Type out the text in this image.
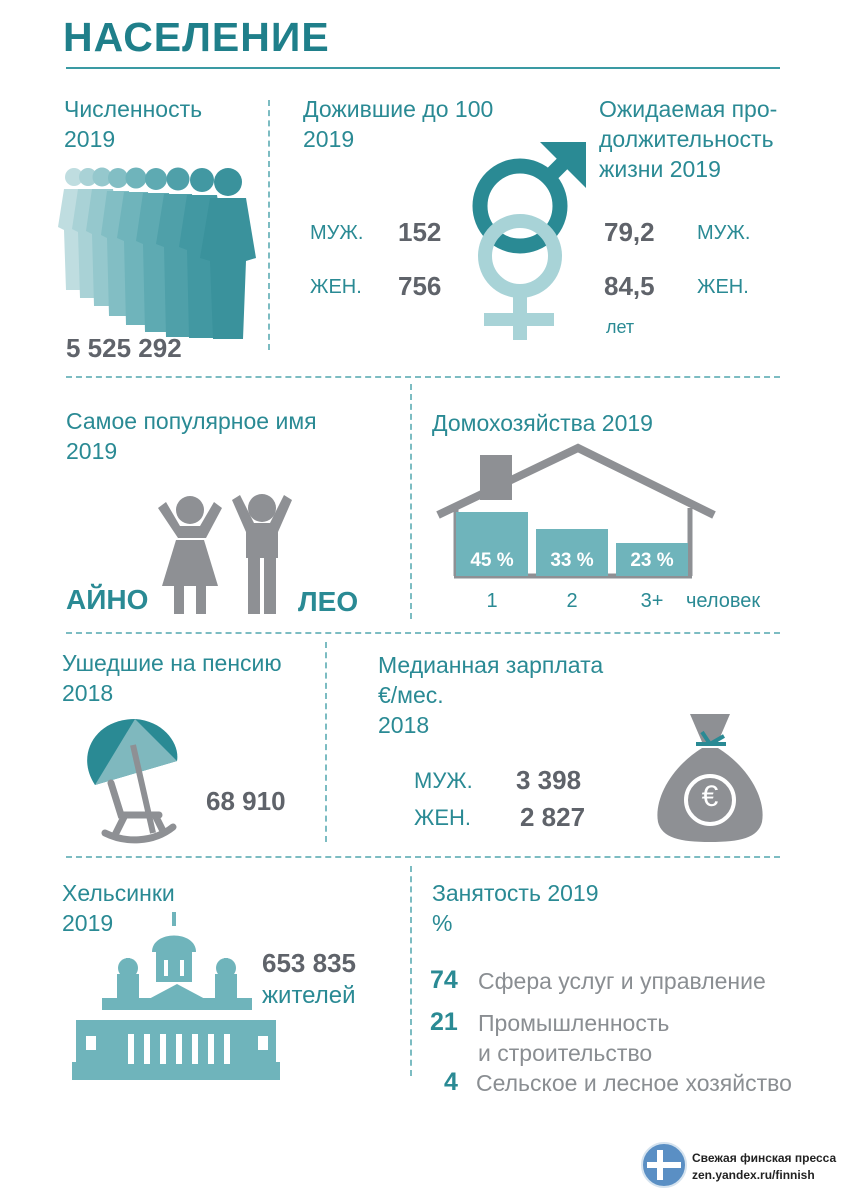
НАСЕЛЕНИЕ
Численность
2019
5 525 292
Дожившие до 100
2019
МУЖ. 152
ЖЕН. 756
Ожидаемая про-
должительность
жизни 2019
79,2 МУЖ.
84,5 ЖЕН.
лет
Самое популярное имя
2019
АЙНО	ЛЕО
Домохозяйства 2019
45 %
1
33 %
2
23 %
3+	человек
Ушедшие на пенсию
2018
68 910
Медианная зарплата
€/мес.
2018
МУЖ. 3 398
ЖЕН. 2 827
€
Хельсинки
2019
653 835
жителей
Занятость 2019
%
74 Сфера услуг и управление
21 Промышленность
и строительство
4 Сельское и лесное хозяйство
Свежая финская пресса
zen.yandex.ru/finnish
